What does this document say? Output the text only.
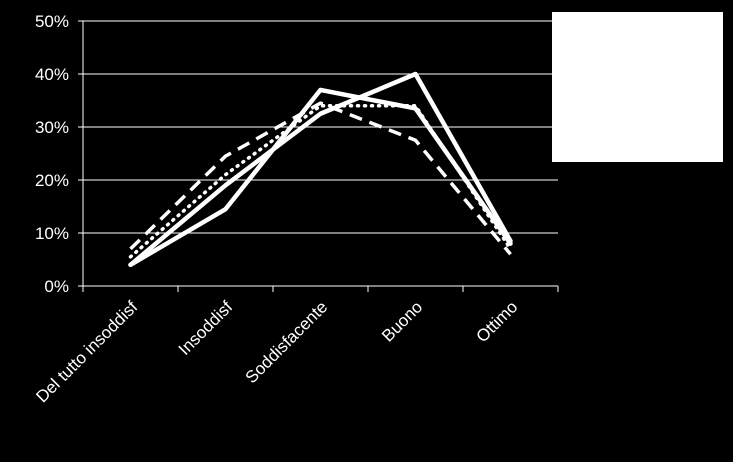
0%
10%
20%
30%
40%
50%
Del tutto insoddisf Insoddisf Soddisfacente	Buono	Ottimo
